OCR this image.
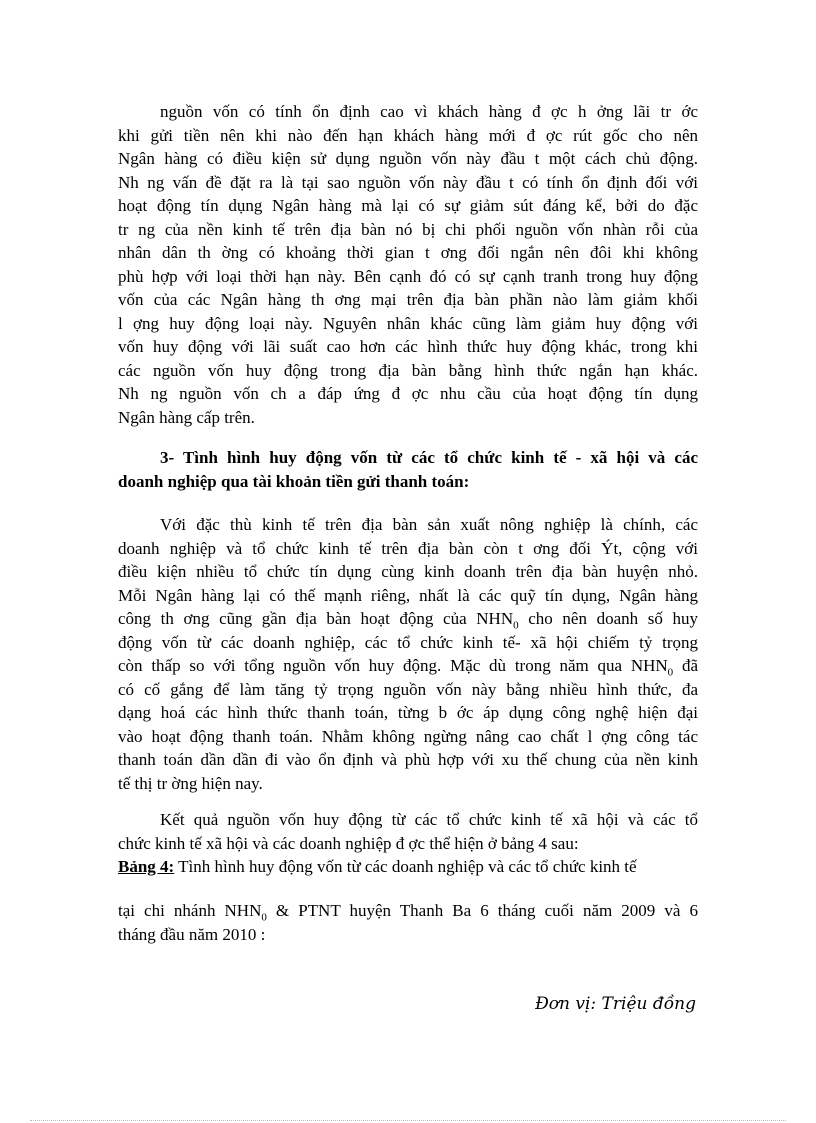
nguồn vốn có tính ổn định cao vì khách hàng đ ợc h ởng lãi tr ớc
khi gửi tiền nên khi nào đến hạn khách hàng mới đ ợc rút gốc cho nên
Ngân hàng có điều kiện sử dụng nguồn vốn này đầu t một cách chủ động.
Nh ng vấn đề đặt ra là tại sao nguồn vốn này đầu t có tính ổn định đối với
hoạt động tín dụng Ngân hàng mà lại có sự giảm sút đáng kể, bởi do đặc
tr ng của nền kinh tế trên địa bàn nó bị chi phối nguồn vốn nhàn rỗi của
nhân dân th ờng có khoảng thời gian t ơng đối ngắn nên đôi khi không
phù hợp với loại thời hạn này. Bên cạnh đó có sự cạnh tranh trong huy động
vốn của các Ngân hàng th ơng mại trên địa bàn phần nào làm giảm khối
l ợng huy động loại này. Nguyên nhân khác cũng làm giảm huy động với
vốn huy động với lãi suất cao hơn các hình thức huy động khác, trong khi
các nguồn vốn huy động trong địa bàn bằng hình thức ngắn hạn khác.
Nh ng nguồn vốn ch a đáp ứng đ ợc nhu cầu của hoạt động tín dụng
Ngân hàng cấp trên.
3- Tình hình huy động vốn từ các tổ chức kinh tế - xã hội và các
doanh nghiệp qua tài khoản tiền gửi thanh toán:
Với đặc thù kinh tế trên địa bàn sản xuất nông nghiệp là chính, các
doanh nghiệp và tổ chức kinh tế trên địa bàn còn t ơng đối Ýt, cộng với
điều kiện nhiều tổ chức tín dụng cùng kinh doanh trên địa bàn huyện nhỏ.
Mỗi Ngân hàng lại có thế mạnh riêng, nhất là các quỹ tín dụng, Ngân hàng
công th ơng cũng gần địa bàn hoạt động của $NHN_0$ cho nên doanh số huy
động vốn từ các doanh nghiệp, các tổ chức kinh tế- xã hội chiếm tỷ trọng
còn thấp so với tổng nguồn vốn huy động. Mặc dù trong năm qua $NHN_0$ đã
có cố gắng để làm tăng tỷ trọng nguồn vốn này bằng nhiều hình thức, đa
dạng hoá các hình thức thanh toán, từng b ớc áp dụng công nghệ hiện đại
vào hoạt động thanh toán. Nhằm không ngừng nâng cao chất l ợng công tác
thanh toán dần dần đi vào ổn định và phù hợp với xu thế chung của nền kinh
tế thị tr ờng hiện nay.
Kết quả nguồn vốn huy động từ các tổ chức kinh tế xã hội và các tổ
chức kinh tế xã hội và các doanh nghiệp đ ợc thể hiện ở bảng 4 sau:
Bảng 4: Tình hình huy động vốn từ các doanh nghiệp và các tổ chức kinh tế
tại chi nhánh $NHN_0$ & PTNT huyện Thanh Ba 6 tháng cuối năm 2009 và 6
tháng đầu năm 2010 :
Đơn vị: Triệu đồng
